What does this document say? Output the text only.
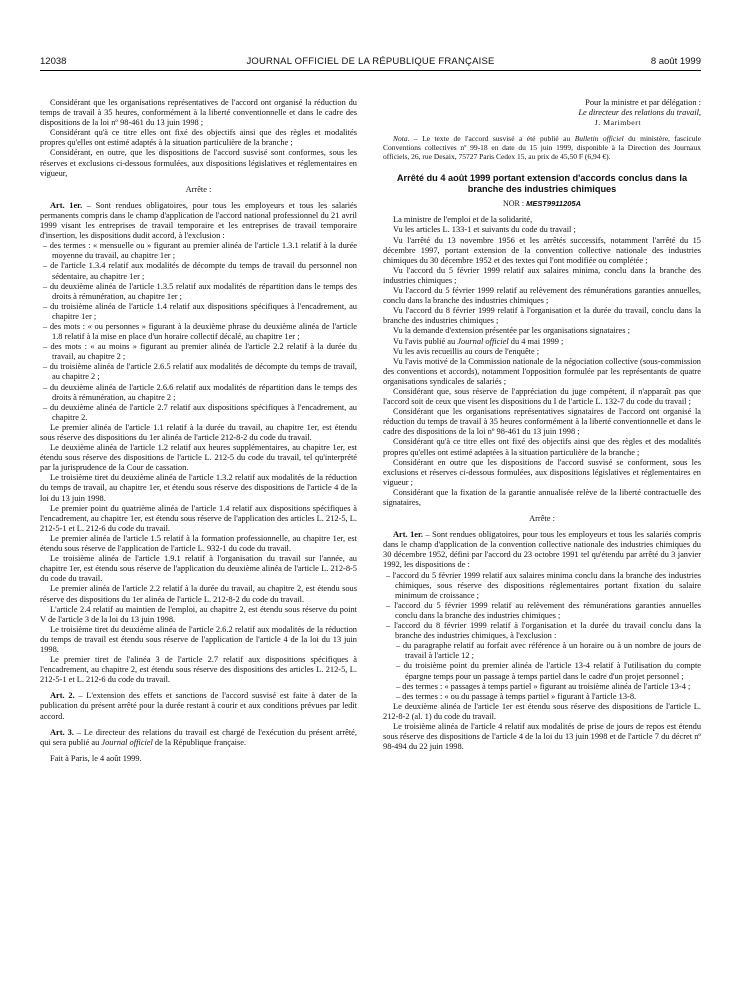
12038	JOURNAL OFFICIEL DE LA RÉPUBLIQUE FRANÇAISE	8 août 1999

Considérant que les organisations représentatives de l'accord ont organisé la réduction du temps de travail à 35 heures, conformément à la liberté conventionnelle et dans le cadre des dispositions de la loi nº 98-461 du 13 juin 1998 ;

Considérant qu'à ce titre elles ont fixé des objectifs ainsi que des règles et modalités propres qu'elles ont estimé adaptés à la situation particulière de la branche ;

Considérant, en outre, que les dispositions de l'accord susvisé sont conformes, sous les réserves et exclusions ci-dessous formulées, aux dispositions législatives et réglementaires en vigueur,

Arrête :

Art. 1er. – Sont rendues obligatoires, pour tous les employeurs et tous les salariés permanents compris dans le champ d'application de l'accord national professionnel du 21 avril 1999 visant les entreprises de travail temporaire et les entreprises de travail temporaire d'insertion, les dispositions dudit accord, à l'exclusion :

– des termes : « mensuelle ou » figurant au premier alinéa de l'article 1.3.1 relatif à la durée moyenne du travail, au chapitre 1er ;

– de l'article 1.3.4 relatif aux modalités de décompte du temps de travail du personnel non sédentaire, au chapitre 1er ;

– du deuxième alinéa de l'article 1.3.5 relatif aux modalités de répartition dans le temps des droits à rémunération, au chapitre 1er ;

– du troisième alinéa de l'article 1.4 relatif aux dispositions spécifiques à l'encadrement, au chapitre 1er ;

– des mots : « ou personnes » figurant à la deuxième phrase du deuxième alinéa de l'article 1.8 relatif à la mise en place d'un horaire collectif décalé, au chapitre 1er ;

– des mots : « au moins » figurant au premier alinéa de l'article 2.2 relatif à la durée du travail, au chapitre 2 ;

– du troisième alinéa de l'article 2.6.5 relatif aux modalités de décompte du temps de travail, au chapitre 2 ;

– du deuxième alinéa de l'article 2.6.6 relatif aux modalités de répartition dans le temps des droits à rémunération, au chapitre 2 ;

– du deuxième alinéa de l'article 2.7 relatif aux dispositions spécifiques à l'encadrement, au chapitre 2.

Le premier alinéa de l'article 1.1 relatif à la durée du travail, au chapitre 1er, est étendu sous réserve des dispositions du 1er alinéa de l'article 212-8-2 du code du travail.

Le deuxième alinéa de l'article 1.2 relatif aux heures supplémentaires, au chapitre 1er, est étendu sous réserve des dispositions de l'article L. 212-5 du code du travail, tel qu'interprété par la jurisprudence de la Cour de cassation.

Le troisième tiret du deuxième alinéa de l'article 1.3.2 relatif aux modalités de la réduction du temps de travail, au chapitre 1er, et étendu sous réserve des dispositions de l'article 4 de la loi du 13 juin 1998.

Le premier point du quatrième alinéa de l'article 1.4 relatif aux dispositions spécifiques à l'encadrement, au chapitre 1er, est étendu sous réserve de l'application des articles L. 212-5, L. 212-5-1 et L. 212-6 du code du travail.

Le premier alinéa de l'article 1.5 relatif à la formation professionnelle, au chapitre 1er, est étendu sous réserve de l'application de l'article L. 932-1 du code du travail.

Le troisième alinéa de l'article 1.9.1 relatif à l'organisation du travail sur l'année, au chapitre 1er, est étendu sous réserve de l'application du deuxième alinéa de l'article L. 212-8-5 du code du travail.

Le premier alinéa de l'article 2.2 relatif à la durée du travail, au chapitre 2, est étendu sous réserve des dispositions du 1er alinéa de l'article L. 212-8-2 du code du travail.

L'article 2.4 relatif au maintien de l'emploi, au chapitre 2, est étendu sous réserve du point V de l'article 3 de la loi du 13 juin 1998.

Le troisième tiret du deuxième alinéa de l'article 2.6.2 relatif aux modalités de la réduction du temps de travail est étendu sous réserve de l'application de l'article 4 de la loi du 13 juin 1998.

Le premier tiret de l'alinéa 3 de l'article 2.7 relatif aux dispositions spécifiques à l'encadrement, au chapitre 2, est étendu sous réserve des dispositions des articles L. 212-5, L. 212-5-1 et L. 212-6 du code du travail.

Art. 2. – L'extension des effets et sanctions de l'accord susvisé est faite à dater de la publication du présent arrêté pour la durée restant à courir et aux conditions prévues par ledit accord.

Art. 3. – Le directeur des relations du travail est chargé de l'exécution du présent arrêté, qui sera publié au Journal officiel de la République française.

Fait à Paris, le 4 août 1999.

Pour la ministre et par délégation :

Le directeur des relations du travail,

J. Marimbert

Nota. – Le texte de l'accord susvisé a été publié au Bulletin officiel du ministère, fascicule Conventions collectives nº 99-18 en date du 15 juin 1999, disponible à la Direction des Journaux officiels, 26, rue Desaix, 75727 Paris Cedex 15, au prix de 45,50 F (6,94 €).

Arrêté du 4 août 1999 portant extension d'accords conclus dans la branche des industries chimiques

NOR : MEST9911205A

La ministre de l'emploi et de la solidarité,

Vu les articles L. 133-1 et suivants du code du travail ;

Vu l'arrêté du 13 novembre 1956 et les arrêtés successifs, notamment l'arrêté du 15 décembre 1997, portant extension de la convention collective nationale des industries chimiques du 30 décembre 1952 et des textes qui l'ont modifiée ou complétée ;

Vu l'accord du 5 février 1999 relatif aux salaires minima, conclu dans la branche des industries chimiques ;

Vu l'accord du 5 février 1999 relatif au relèvement des rémunérations garanties annuelles, conclu dans la branche des industries chimiques ;

Vu l'accord du 8 février 1999 relatif à l'organisation et la durée du travail, conclu dans la branche des industries chimiques ;

Vu la demande d'extension présentée par les organisations signataires ;

Vu l'avis publié au Journal officiel du 4 mai 1999 ;

Vu les avis recueillis au cours de l'enquête ;

Vu l'avis motivé de la Commission nationale de la négociation collective (sous-commission des conventions et accords), notamment l'opposition formulée par les représentants de quatre organisations syndicales de salariés ;

Considérant que, sous réserve de l'appréciation du juge compétent, il n'apparaît pas que l'accord soit de ceux que visent les dispositions du I de l'article L. 132-7 du code du travail ;

Considérant que les organisations représentatives signataires de l'accord ont organisé la réduction du temps de travail à 35 heures conformément à la liberté conventionnelle et dans le cadre des dispositions de la loi nº 98-461 du 13 juin 1998 ;

Considérant qu'à ce titre elles ont fixé des objectifs ainsi que des règles et des modalités propres qu'elles ont estimé adaptées à la situation particulière de la branche ;

Considérant en outre que les dispositions de l'accord susvisé se conforment, sous les exclusions et réserves ci-dessous formulées, aux dispositions législatives et réglementaires en vigueur ;

Considérant que la fixation de la garantie annualisée relève de la liberté contractuelle des signataires,

Arrête :

Art. 1er. – Sont rendues obligatoires, pour tous les employeurs et tous les salariés compris dans le champ d'application de la convention collective nationale des industries chimiques du 30 décembre 1952, défini par l'accord du 23 octobre 1991 tel qu'étendu par arrêté du 3 janvier 1992, les dispositions de :

– l'accord du 5 février 1999 relatif aux salaires minima conclu dans la branche des industries chimiques, sous réserve des dispositions réglementaires portant fixation du salaire minimum de croissance ;

– l'accord du 5 février 1999 relatif au relèvement des rémunérations garanties annuelles conclu dans la branche des industries chimiques ;

– l'accord du 8 février 1999 relatif à l'organisation et la durée du travail conclu dans la branche des industries chimiques, à l'exclusion :

– du paragraphe relatif au forfait avec référence à un horaire ou à un nombre de jours de travail à l'article 12 ;

– du troisième point du premier alinéa de l'article 13-4 relatif à l'utilisation du compte épargne temps pour un passage à temps partiel dans le cadre d'un projet personnel ;

– des termes : « passages à temps partiel » figurant au troisième alinéa de l'article 13-4 ;

– des termes : « ou du passage à temps partiel » figurant à l'article 13-8.

Le deuxième alinéa de l'article 1er est étendu sous réserve des dispositions de l'article L. 212-8-2 (al. 1) du code du travail.

Le troisième alinéa de l'article 4 relatif aux modalités de prise de jours de repos est étendu sous réserve des dispositions de l'article 4 de la loi du 13 juin 1998 et de l'article 7 du décret nº 98-494 du 22 juin 1998.
